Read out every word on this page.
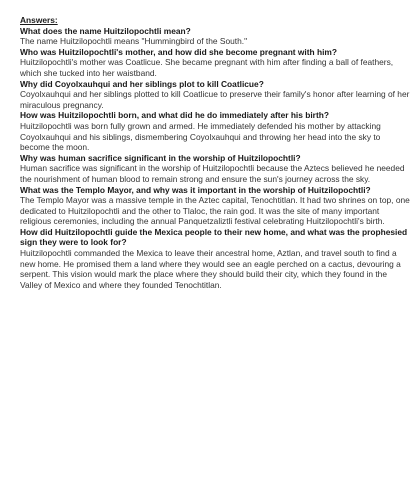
Answers:
What does the name Huitzilopochtli mean?
The name Huitzilopochtli means "Hummingbird of the South."
Who was Huitzilopochtli's mother, and how did she become pregnant with him?
Huitzilopochtli's mother was Coatlicue. She became pregnant with him after finding a ball of feathers, which she tucked into her waistband.
Why did Coyolxauhqui and her siblings plot to kill Coatlicue?
Coyolxauhqui and her siblings plotted to kill Coatlicue to preserve their family's honor after learning of her miraculous pregnancy.
How was Huitzilopochtli born, and what did he do immediately after his birth?
Huitzilopochtli was born fully grown and armed. He immediately defended his mother by attacking Coyolxauhqui and his siblings, dismembering Coyolxauhqui and throwing her head into the sky to become the moon.
Why was human sacrifice significant in the worship of Huitzilopochtli?
Human sacrifice was significant in the worship of Huitzilopochtli because the Aztecs believed he needed the nourishment of human blood to remain strong and ensure the sun's journey across the sky.
What was the Templo Mayor, and why was it important in the worship of Huitzilopochtli?
The Templo Mayor was a massive temple in the Aztec capital, Tenochtitlan. It had two shrines on top, one dedicated to Huitzilopochtli and the other to Tlaloc, the rain god. It was the site of many important religious ceremonies, including the annual Panquetzaliztli festival celebrating Huitzilopochtli's birth.
How did Huitzilopochtli guide the Mexica people to their new home, and what was the prophesied sign they were to look for?
Huitzilopochtli commanded the Mexica to leave their ancestral home, Aztlan, and travel south to find a new home. He promised them a land where they would see an eagle perched on a cactus, devouring a serpent. This vision would mark the place where they should build their city, which they found in the Valley of Mexico and where they founded Tenochtitlan.
